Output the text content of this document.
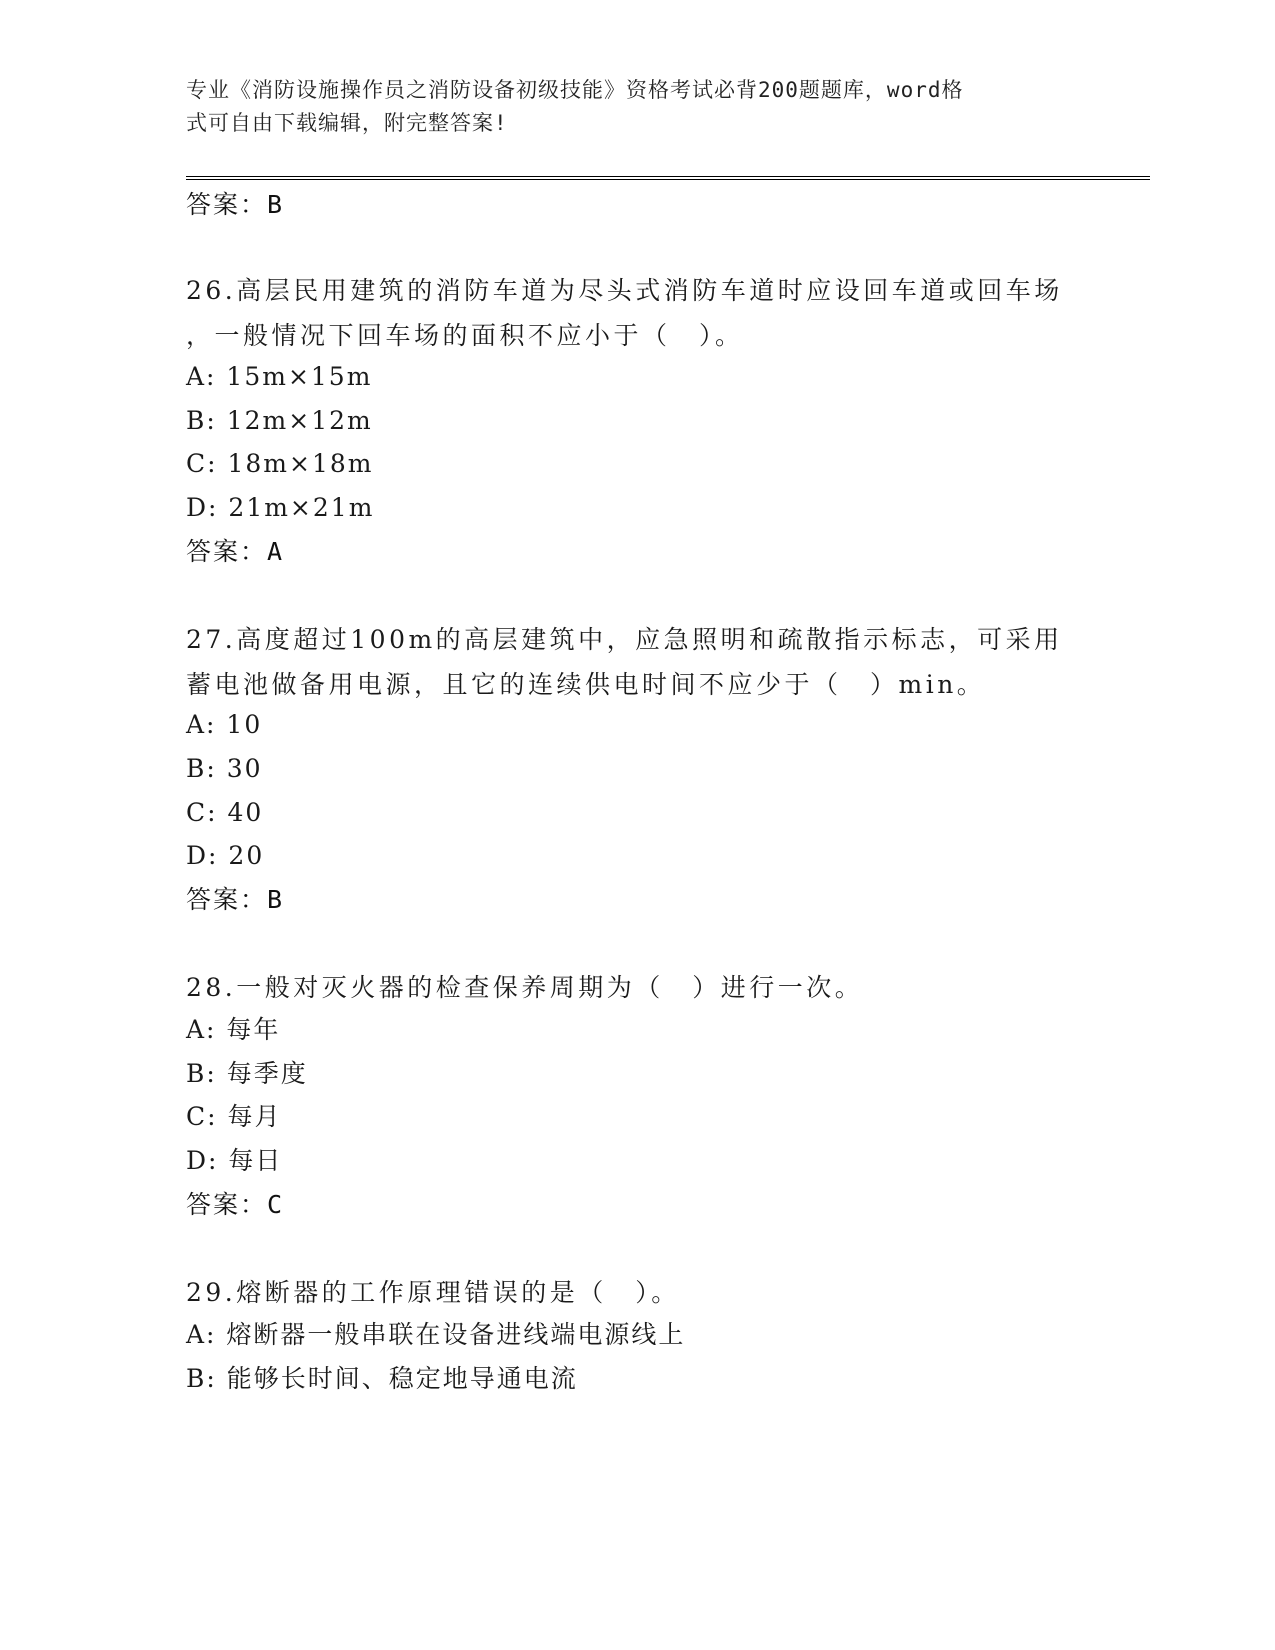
专业《消防设施操作员之消防设备初级技能》资格考试必背200题题库，word格
式可自由下载编辑，附完整答案!
答案：B
26.高层民用建筑的消防车道为尽头式消防车道时应设回车道或回车场
，一般情况下回车场的面积不应小于（　）。
A: 15m×15m
B: 12m×12m
C: 18m×18m
D: 21m×21m
答案：A
27.高度超过100m的高层建筑中，应急照明和疏散指示标志，可采用
蓄电池做备用电源，且它的连续供电时间不应少于（　）min。
A: 10
B: 30
C: 40
D: 20
答案：B
28.一般对灭火器的检查保养周期为（　）进行一次。
A: 每年
B: 每季度
C: 每月
D: 每日
答案：C
29.熔断器的工作原理错误的是（　）。
A: 熔断器一般串联在设备进线端电源线上
B: 能够长时间、稳定地导通电流
